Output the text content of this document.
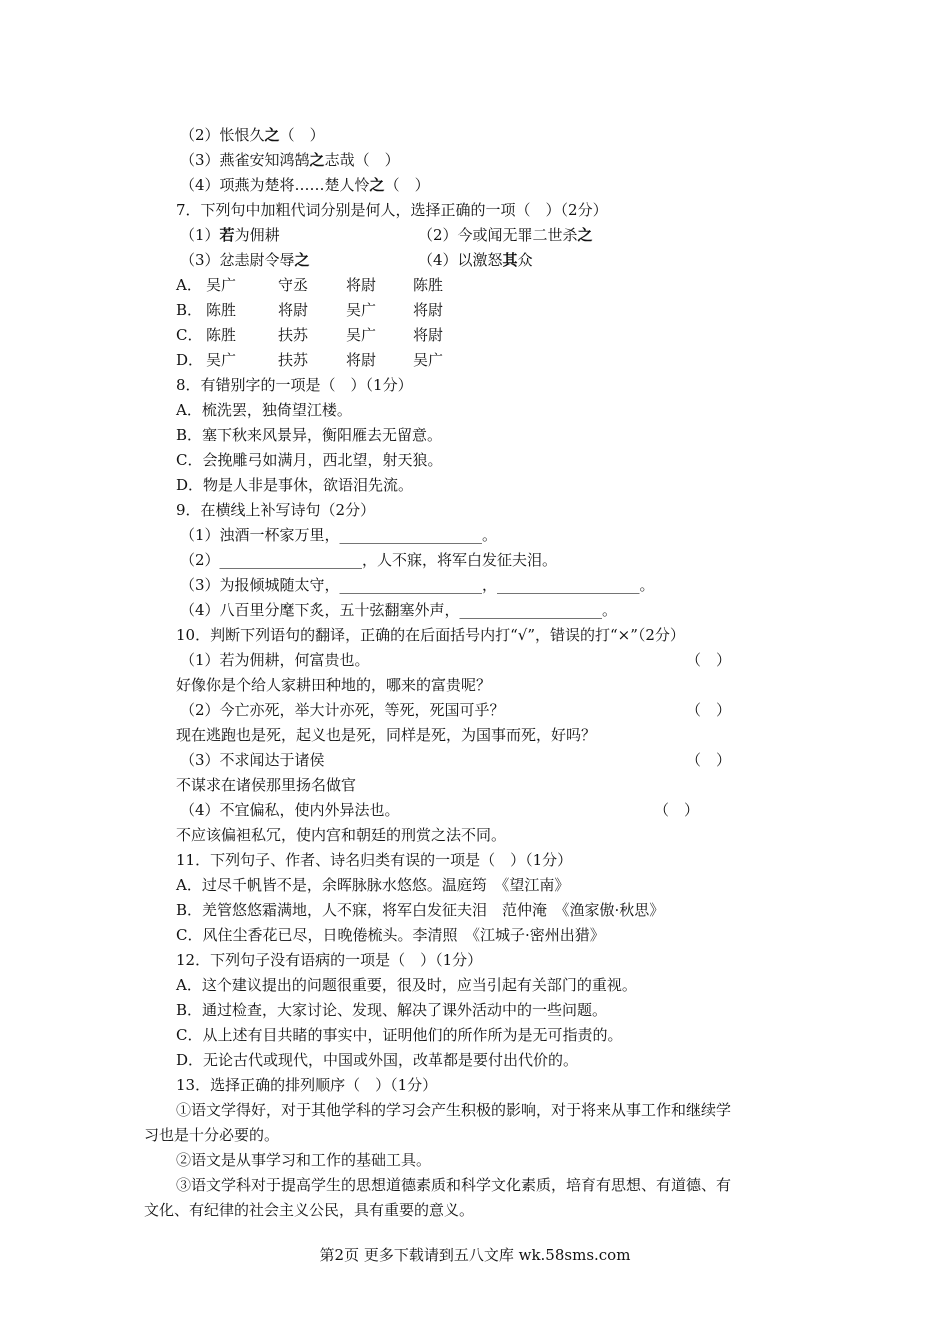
（2）怅恨久之（　）
（3）燕雀安知鸿鹄之志哉（　）
（4）项燕为楚将……楚人怜之（　）
7．下列句中加粗代词分别是何人，选择正确的一项（　）（2分）
（1）若为佣耕	（2）今或闻无罪二世杀之
（3）忿恚尉令辱之	（4）以激怒其众
A． 吴广	守丞	将尉 陈胜
B． 陈胜	将尉	吴广 将尉
C． 陈胜	扶苏	吴广 将尉
D． 吴广	扶苏	将尉 吴广
8．有错别字的一项是（　）（1分）
A．梳洗罢，独倚望江楼。
B．塞下秋来风景异，衡阳雁去无留意。
C．会挽雕弓如满月，西北望，射天狼。
D．物是人非是事休，欲语泪先流。
9．在横线上补写诗句（2分）
（1）浊酒一杯家万里，___________________。
（2）___________________，人不寐，将军白发征夫泪。
（3）为报倾城随太守，___________________，___________________。
（4）八百里分麾下炙，五十弦翻塞外声，___________________。
10．判断下列语句的翻译，正确的在后面括号内打“√”，错误的打“×”（2分）
（1）若为佣耕，何富贵也。	（　）
好像你是个给人家耕田种地的，哪来的富贵呢？
（2）今亡亦死，举大计亦死，等死，死国可乎？	（　）
现在逃跑也是死，起义也是死，同样是死，为国事而死，好吗？
（3）不求闻达于诸侯	（　）
不谋求在诸侯那里扬名做官
（4）不宜偏私，使内外异法也。	（　）
不应该偏袒私冗，使内宫和朝廷的刑赏之法不同。
11．下列句子、作者、诗名归类有误的一项是（　）（1分）
A．过尽千帆皆不是，余晖脉脉水悠悠。温庭筠　《望江南》
B．羌管悠悠霜满地，人不寐，将军白发征夫泪　范仲淹　《渔家傲·秋思》
C．风住尘香花已尽，日晚倦梳头。李清照　《江城子·密州出猎》
12．下列句子没有语病的一项是（　）（1分）
A．这个建议提出的问题很重要，很及时，应当引起有关部门的重视。
B．通过检查，大家讨论、发现、解决了课外活动中的一些问题。
C．从上述有目共睹的事实中，证明他们的所作所为是无可指责的。
D．无论古代或现代，中国或外国，改革都是要付出代价的。
13．选择正确的排列顺序（　）（1分）
①语文学得好，对于其他学科的学习会产生积极的影响，对于将来从事工作和继续学
习也是十分必要的。
②语文是从事学习和工作的基础工具。
③语文学科对于提高学生的思想道德素质和科学文化素质，培育有思想、有道德、有
文化、有纪律的社会主义公民，具有重要的意义。
第2页 更多下载请到五八文库 wk.58sms.com
